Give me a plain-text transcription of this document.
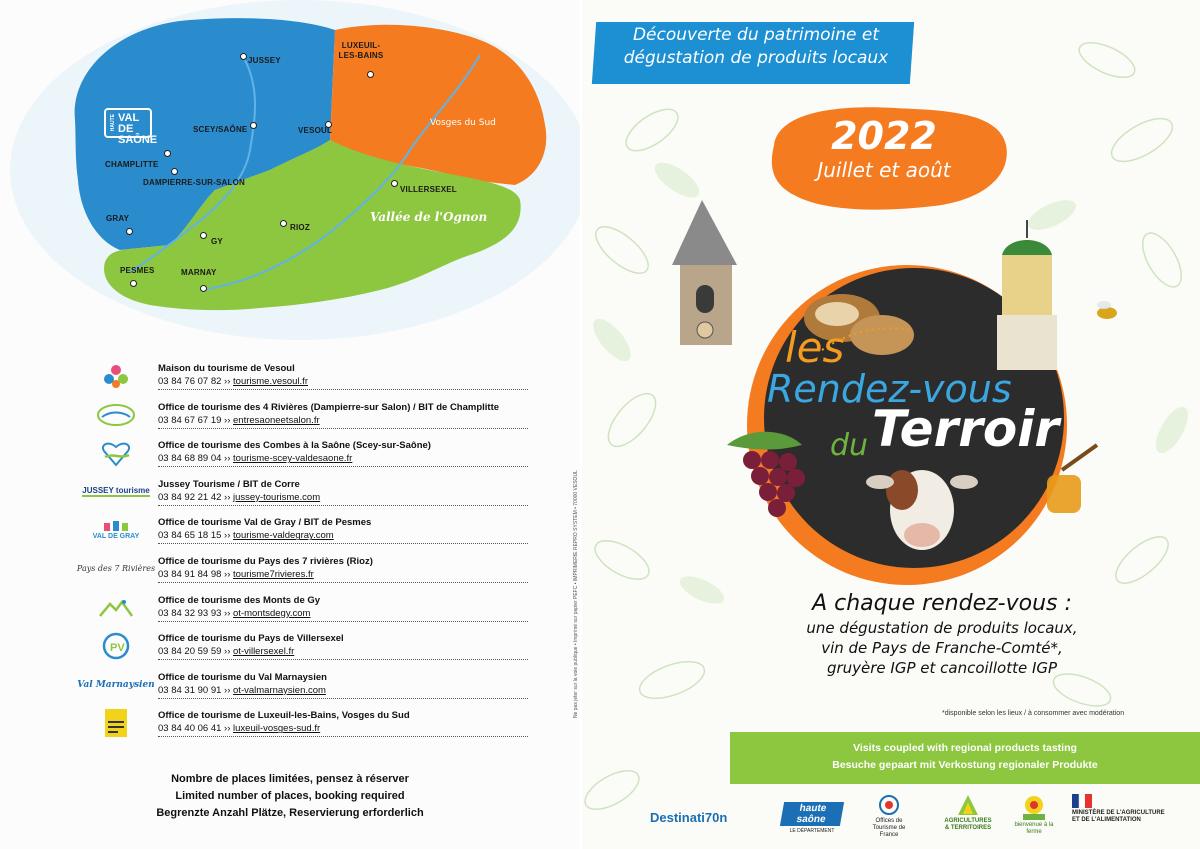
HAUTE VAL DE SAÔNE
Vosges du Sud
Vallée de l'Ognon
JUSSEY
LUXEUIL-LES-BAINS
SCEY/SAÔNE	VESOUL
CHAMPLITTE
DAMPIERRE-SUR-SALON
VILLERSEXEL
GRAY
GY
RIOZ
PESMES	MARNAY
Maison du tourisme de Vesoul
03 84 76 07 82 ›› tourisme.vesoul.fr
Office de tourisme des 4 Rivières (Dampierre-sur Salon) / BIT de Champlitte
03 84 67 67 19 ›› entresaoneetsalon.fr
Office de tourisme des Combes à la Saône (Scey-sur-Saône)
03 84 68 89 04 ›› tourisme-scey-valdesaone.fr
JUSSEY tourisme
Jussey Tourisme / BIT de Corre
03 84 92 21 42 ›› jussey-tourisme.com
VAL DE GRAY
Office de tourisme Val de Gray / BIT de Pesmes
03 84 65 18 15 ›› tourisme-valdegray.com
Pays des 7 Rivières
Office de tourisme du Pays des 7 rivières (Rioz)
03 84 91 84 98 ›› tourisme7rivieres.fr
Office de tourisme des Monts de Gy
03 84 32 93 93 ›› ot-montsdegy.com
PV
Office de tourisme du Pays de Villersexel
03 84 20 59 59 ›› ot-villersexel.fr
Val Marnaysien
Office de tourisme du Val Marnaysien
03 84 31 90 91 ›› ot-valmarnaysien.com
Office de tourisme de Luxeuil-les-Bains, Vosges du Sud
03 84 40 06 41 ›› luxeuil-vosges-sud.fr
Nombre de places limitées, pensez à réserver
Limited number of places, booking required
Begrenzte Anzahl Plätze, Reservierung erforderlich
Ne pas jeter sur la voie publique • Imprimé sur papier PEFC • IMPRIMERIE REPRO SYSTEM • 70000 VESOUL
Découverte du patrimoine et
dégustation de produits locaux
2022
Juillet et août
les
Rendez-vous
du Terroir
A chaque rendez-vous :
une dégustation de produits locaux,
vin de Pays de Franche-Comté*,
gruyère IGP et cancoillotte IGP
*disponible selon les lieux / à consommer avec modération
Visits coupled with regional products tasting
Besuche gepaart mit Verkostung regionaler Produkte
Destinati70n
haute saône
LE DÉPARTEMENT
Offices de Tourisme de France
AGRICULTURES & TERRITOIRES	bienvenue à la ferme
MINISTÈRE DE L'AGRICULTURE ET DE L'ALIMENTATION
